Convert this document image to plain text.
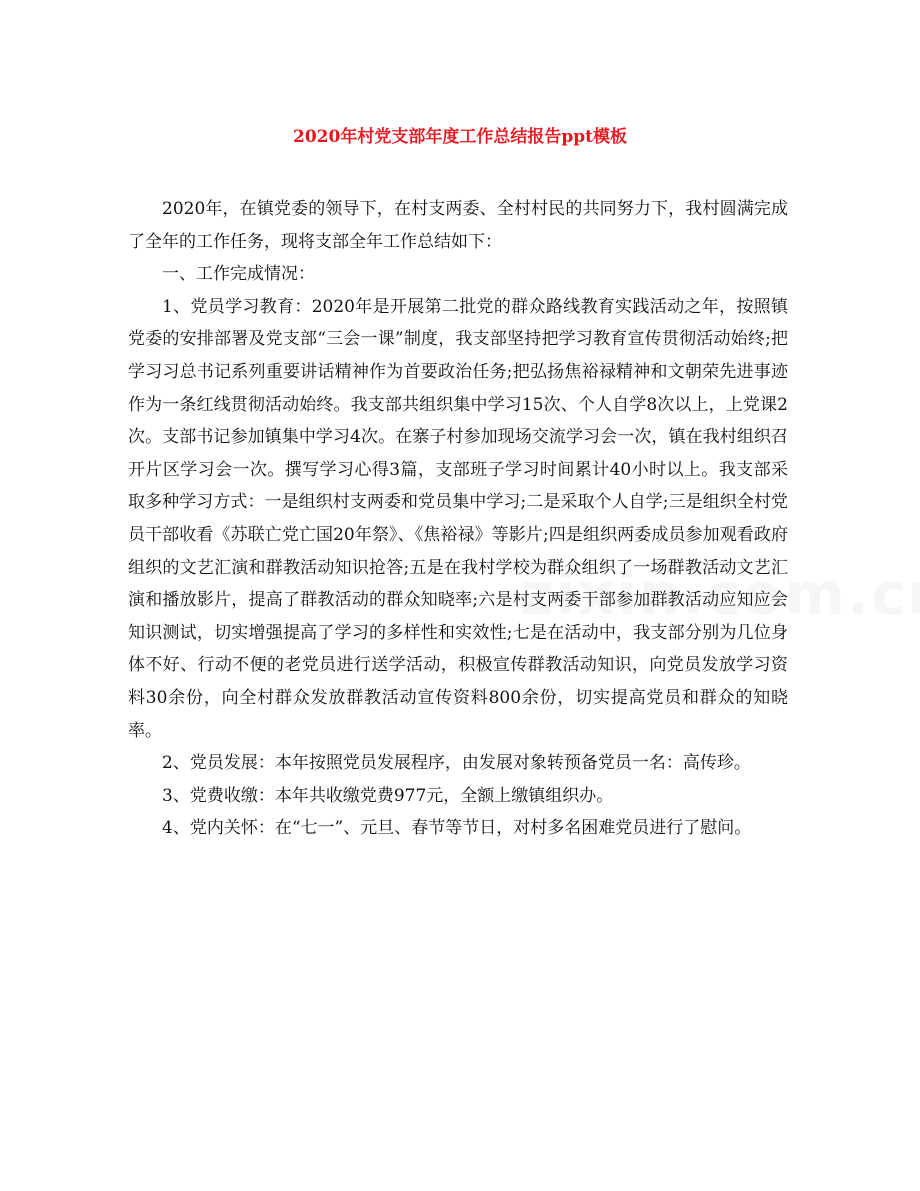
2020年村党支部年度工作总结报告ppt模板

2020年，在镇党委的领导下，在村支两委、全村村民的共同努力下，我村圆满完成了全年的工作任务，现将支部全年工作总结如下：

一、工作完成情况：

1、党员学习教育：2020年是开展第二批党的群众路线教育实践活动之年，按照镇党委的安排部署及党支部“三会一课”制度，我支部坚持把学习教育宣传贯彻活动始终;把学习习总书记系列重要讲话精神作为首要政治任务;把弘扬焦裕禄精神和文朝荣先进事迹作为一条红线贯彻活动始终。我支部共组织集中学习15次、个人自学8次以上，上党课2次。支部书记参加镇集中学习4次。在寨子村参加现场交流学习会一次，镇在我村组织召开片区学习会一次。撰写学习心得3篇，支部班子学习时间累计40小时以上。我支部采取多种学习方式：一是组织村支两委和党员集中学习;二是采取个人自学;三是组织全村党员干部收看《苏联亡党亡国20年祭》、《焦裕禄》等影片;四是组织两委成员参加观看政府组织的文艺汇演和群教活动知识抢答;五是在我村学校为群众组织了一场群教活动文艺汇演和播放影片，提高了群教活动的群众知晓率;六是村支两委干部参加群教活动应知应会知识测试，切实增强提高了学习的多样性和实效性;七是在活动中，我支部分别为几位身体不好、行动不便的老党员进行送学活动，积极宣传群教活动知识，向党员发放学习资料30余份，向全村群众发放群教活动宣传资料800余份，切实提高党员和群众的知晓率。

2、党员发展：本年按照党员发展程序，由发展对象转预备党员一名：高传珍。

3、党费收缴：本年共收缴党费977元，全额上缴镇组织办。

4、党内关怀：在“七一”、元旦、春节等节日，对村多名困难党员进行了慰问。
